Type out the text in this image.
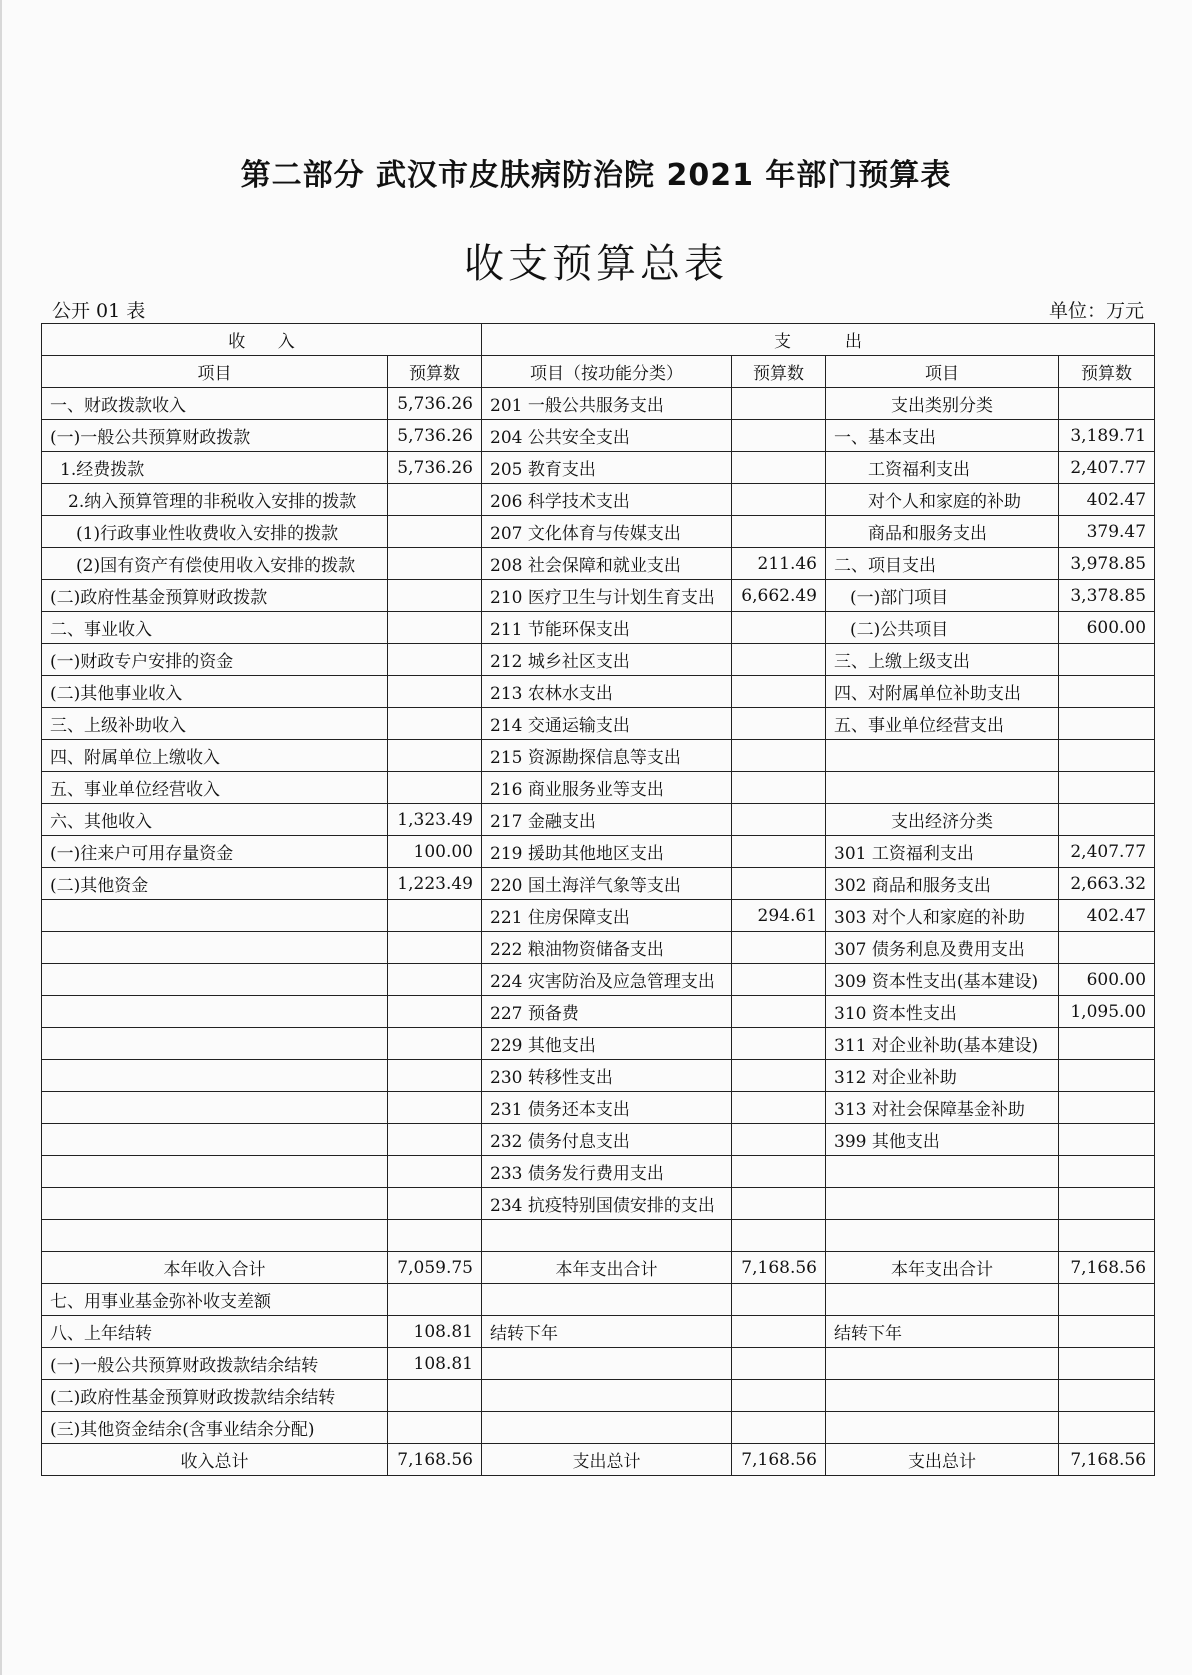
第二部分 武汉市皮肤病防治院 2021 年部门预算表
收支预算总表
公开 01 表	单位：万元
收      入		支          出			
项目	预算数	项目（按功能分类）	预算数	项目	预算数
一、财政拨款收入	5,736.26	201 一般公共服务支出		支出类别分类	
(一)一般公共预算财政拨款	5,736.26	204 公共安全支出		一、基本支出	3,189.71
1.经费拨款	5,736.26	205 教育支出		工资福利支出	2,407.77
2.纳入预算管理的非税收入安排的拨款		206 科学技术支出		对个人和家庭的补助	402.47
(1)行政事业性收费收入安排的拨款		207 文化体育与传媒支出		商品和服务支出	379.47
(2)国有资产有偿使用收入安排的拨款		208 社会保障和就业支出	211.46	二、项目支出	3,978.85
(二)政府性基金预算财政拨款		210 医疗卫生与计划生育支出	6,662.49	(一)部门项目	3,378.85
二、事业收入		211 节能环保支出		(二)公共项目	600.00
(一)财政专户安排的资金		212 城乡社区支出		三、上缴上级支出	
(二)其他事业收入		213 农林水支出		四、对附属单位补助支出	
三、上级补助收入		214 交通运输支出		五、事业单位经营支出	
四、附属单位上缴收入		215 资源勘探信息等支出			
五、事业单位经营收入		216 商业服务业等支出			
六、其他收入	1,323.49	217 金融支出		支出经济分类	
(一)往来户可用存量资金	100.00	219 援助其他地区支出		301 工资福利支出	2,407.77
(二)其他资金	1,223.49	220 国土海洋气象等支出		302 商品和服务支出	2,663.32
		221 住房保障支出	294.61	303 对个人和家庭的补助	402.47
		222 粮油物资储备支出		307 债务利息及费用支出	
		224 灾害防治及应急管理支出		309 资本性支出(基本建设)	600.00
		227 预备费		310 资本性支出	1,095.00
		229 其他支出		311 对企业补助(基本建设)	
		230 转移性支出		312 对企业补助	
		231 债务还本支出		313 对社会保障基金补助	
		232 债务付息支出		399 其他支出	
		233 债务发行费用支出			
		234 抗疫特别国债安排的支出			

本年收入合计	7,059.75	本年支出合计	7,168.56	本年支出合计	7,168.56
七、用事业基金弥补收支差额					
八、上年结转	108.81	结转下年		结转下年	
(一)一般公共预算财政拨款结余结转	108.81				
(二)政府性基金预算财政拨款结余结转					
(三)其他资金结余(含事业结余分配)					
收入总计	7,168.56	支出总计	7,168.56	支出总计	7,168.56
